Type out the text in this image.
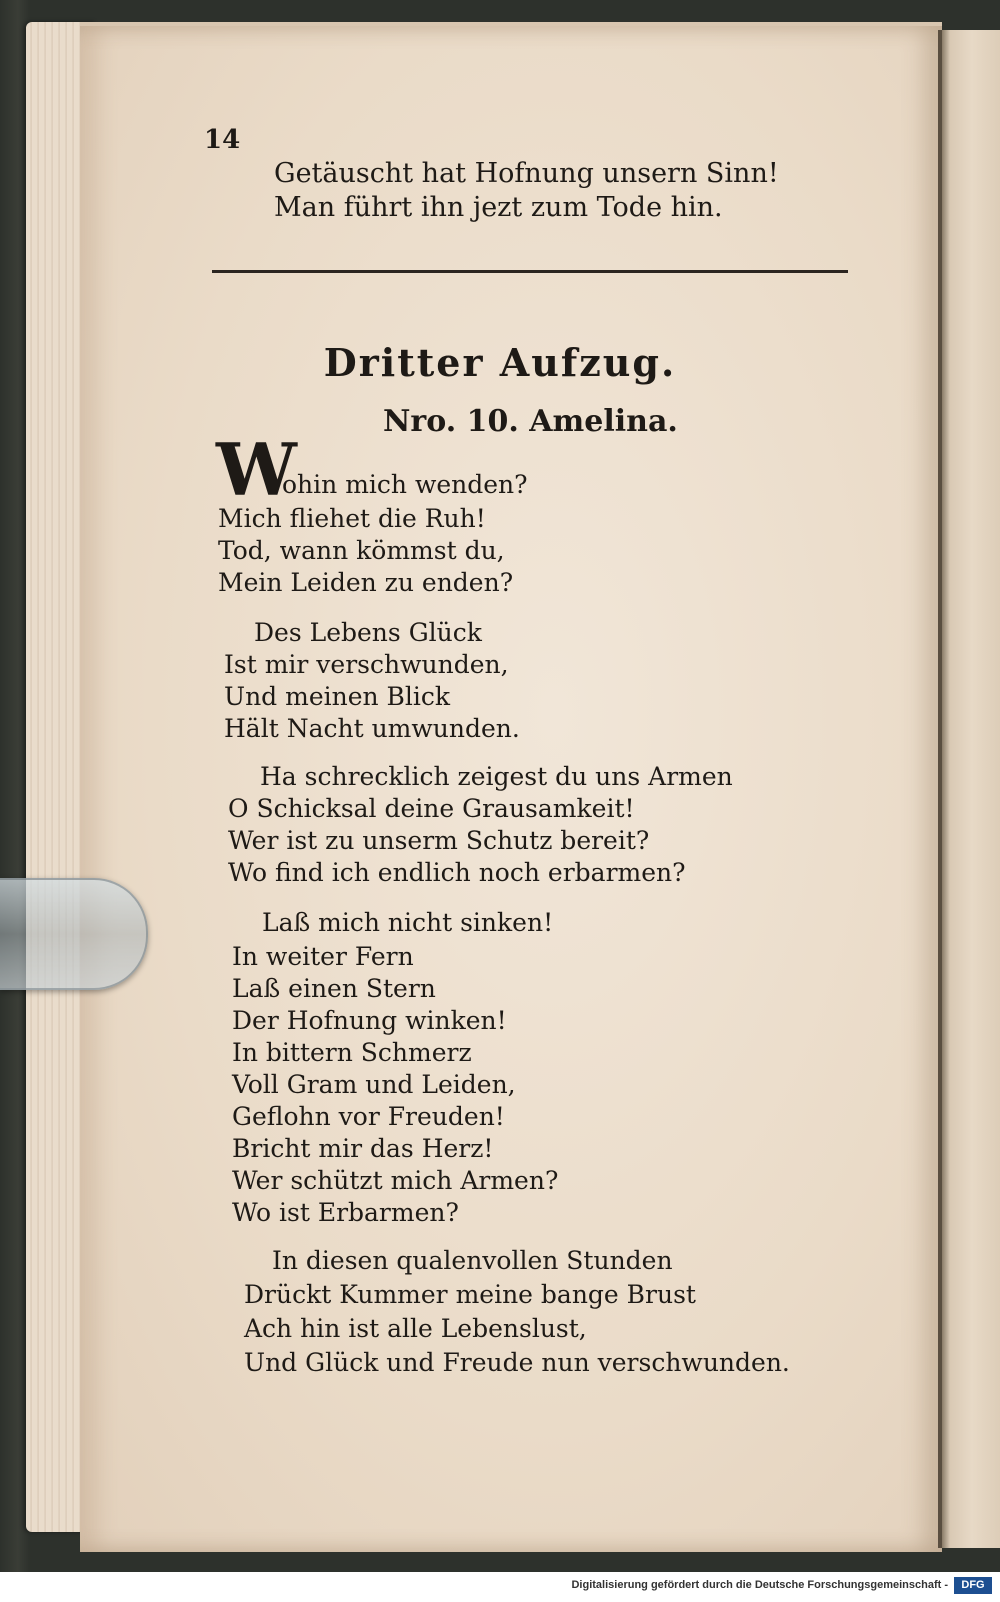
14
Getäuscht hat Hofnung unsern Sinn!
Man führt ihn jezt zum Tode hin.
Dritter Aufzug.
Nro. 10. Amelina.
W
ohin mich wenden?
Mich fliehet die Ruh!
Tod, wann kömmst du,
Mein Leiden zu enden?
Des Lebens Glück
Ist mir verschwunden,
Und meinen Blick
Hält Nacht umwunden.
Ha schrecklich zeigest du uns Armen
O Schicksal deine Grausamkeit!
Wer ist zu unserm Schutz bereit?
Wo find ich endlich noch erbarmen?
Laß mich nicht sinken!
In weiter Fern
Laß einen Stern
Der Hofnung winken!
In bittern Schmerz
Voll Gram und Leiden,
Geflohn vor Freuden!
Bricht mir das Herz!
Wer schützt mich Armen?
Wo ist Erbarmen?
In diesen qualenvollen Stunden
Drückt Kummer meine bange Brust
Ach hin ist alle Lebenslust,
Und Glück und Freude nun verschwunden.
Digitalisierung gefördert durch die Deutsche Forschungsgemeinschaft -	DFG
